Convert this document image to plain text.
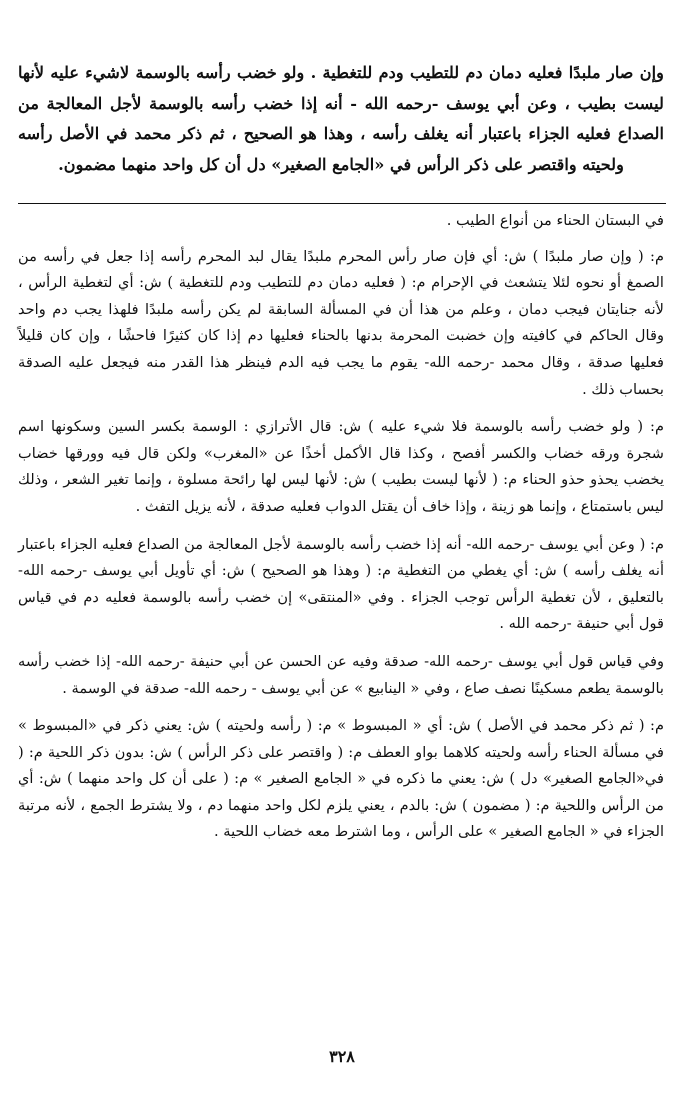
وإن صار ملبدًا فعليه دمان دم للتطيب ودم للتغطية . ولو خضب رأسه بالوسمة لاشيء عليه لأنها ليست بطيب ، وعن أبي يوسف -رحمه الله - أنه إذا خضب رأسه بالوسمة لأجل المعالجة من الصداع فعليه الجزاء باعتبار أنه يغلف رأسه ، وهذا هو الصحيح ، ثم ذكر محمد في الأصل رأسه ولحيته واقتصر على ذكر الرأس في «الجامع الصغير» دل أن كل واحد منهما مضمون.

في البستان الحناء من أنواع الطيب .

م: ( وإن صار ملبدًا ) ش: أي فإن صار رأس المحرم ملبدًا يقال لبد المحرم رأسه إذا جعل في رأسه من الصمغ أو نحوه لئلا يتشعث في الإحرام م: ( فعليه دمان دم للتطيب ودم للتغطية ) ش: أي لتغطية الرأس ، لأنه جنايتان فيجب دمان ، وعلم من هذا أن في المسألة السابقة لم يكن رأسه ملبدًا فلهذا يجب دم واحد وقال الحاكم في كافيته وإن خضبت المحرمة بدنها بالحناء فعليها دم إذا كان كثيرًا فاحشًا ، وإن كان قليلاً فعليها صدقة ، وقال محمد -رحمه الله- يقوم ما يجب فيه الدم فينظر هذا القدر منه فيجعل عليه الصدقة بحساب ذلك .

م: ( ولو خضب رأسه بالوسمة فلا شيء عليه ) ش: قال الأترازي : الوسمة بكسر السين وسكونها اسم شجرة ورقه خضاب والكسر أفصح ، وكذا قال الأكمل أخذًا عن «المغرب» ولكن قال فيه وورقها خضاب يخضب يحذو حذو الحناء م: ( لأنها ليست بطيب ) ش: لأنها ليس لها رائحة مسلوة ، وإنما تغير الشعر ، وذلك ليس باستمتاع ، وإنما هو زينة ، وإذا خاف أن يقتل الدواب فعليه صدقة ، لأنه يزيل التفث .

م: ( وعن أبي يوسف -رحمه الله- أنه إذا خضب رأسه بالوسمة لأجل المعالجة من الصداع فعليه الجزاء باعتبار أنه يغلف رأسه ) ش: أي يغطي من التغطية م: ( وهذا هو الصحيح ) ش: أي تأويل أبي يوسف -رحمه الله- بالتعليق ، لأن تغطية الرأس توجب الجزاء . وفي «المنتقى» إن خضب رأسه بالوسمة فعليه دم في قياس قول أبي حنيفة -رحمه الله .

وفي قياس قول أبي يوسف -رحمه الله- صدقة وفيه عن الحسن عن أبي حنيفة -رحمه الله- إذا خضب رأسه بالوسمة يطعم مسكينًا نصف صاع ، وفي « الينابيع » عن أبي يوسف - رحمه الله- صدقة في الوسمة .

م: ( ثم ذكر محمد في الأصل ) ش: أي « المبسوط » م: ( رأسه ولحيته ) ش: يعني ذكر في «المبسوط » في مسألة الحناء رأسه ولحيته كلاهما بواو العطف م: ( واقتصر على ذكر الرأس ) ش: بدون ذكر اللحية م: ( في«الجامع الصغير» دل ) ش: يعني ما ذكره في « الجامع الصغير » م: ( على أن كل واحد منهما ) ش: أي من الرأس واللحية م: ( مضمون ) ش: بالدم ، يعني يلزم لكل واحد منهما دم ، ولا يشترط الجمع ، لأنه مرتبة الجزاء في « الجامع الصغير » على الرأس ، وما اشترط معه خضاب اللحية .

٣٢٨
